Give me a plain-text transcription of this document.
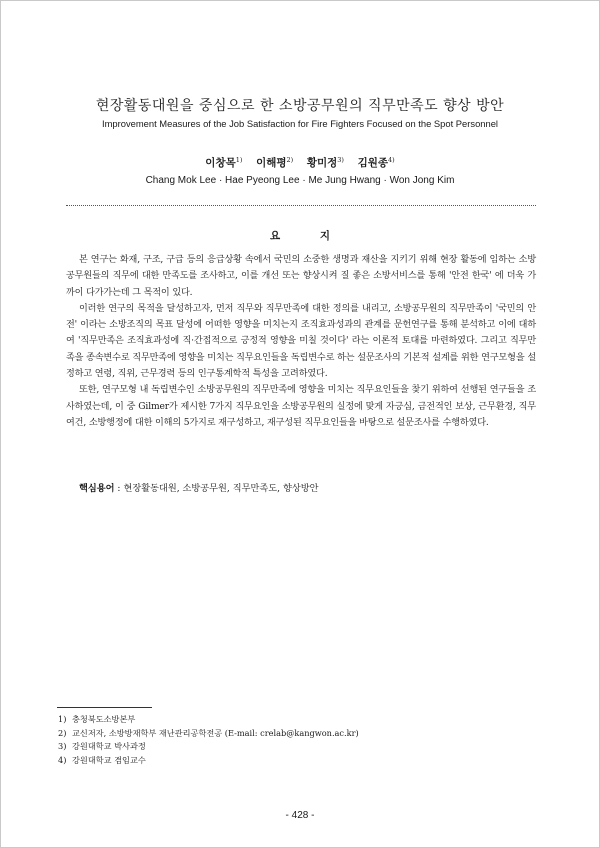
현장활동대원을 중심으로 한 소방공무원의 직무만족도 향상 방안
Improvement Measures of the Job Satisfaction for Fire Fighters Focused on the Spot Personnel
이창목$^{1)}$ 이해평$^{2)}$ 황미정$^{3)}$ 김원종$^{4)}$
Chang Mok Lee · Hae Pyeong Lee · Me Jung Hwang · Won Jong Kim
요 지

본 연구는 화재, 구조, 구급 등의 응급상황 속에서 국민의 소중한 생명과 재산을 지키기 위해 현장 활동에 임하는 소방공무원들의 직무에 대한 만족도를 조사하고, 이를 개선 또는 향상시켜 질 좋은 소방서비스를 통해 '안전 한국' 에 더욱 가까이 다가가는데 그 목적이 있다.

이러한 연구의 목적을 달성하고자, 먼저 직무와 직무만족에 대한 정의를 내리고, 소방공무원의 직무만족이 '국민의 안전' 이라는 소방조직의 목표 달성에 어떠한 영향을 미치는지 조직효과성과의 관계를 문헌연구를 통해 분석하고 이에 대하여 '직무만족은 조직효과성에 직·간접적으로 긍정적 영향을 미칠 것이다' 라는 이론적 토대를 마련하였다. 그리고 직무만족을 종속변수로 직무만족에 영향을 미치는 직무요인들을 독립변수로 하는 설문조사의 기본적 설계를 위한 연구모형을 설정하고 연령, 직위, 근무경력 등의 인구통계학적 특성을 고려하였다.

또한, 연구모형 내 독립변수인 소방공무원의 직무만족에 영향을 미치는 직무요인들을 찾기 위하여 선행된 연구들을 조사하였는데, 이 중 Gilmer가 제시한 7가지 직무요인을 소방공무원의 실정에 맞게 자긍심, 금전적인 보상, 근무환경, 직무여건, 소방행정에 대한 이해의 5가지로 재구성하고, 재구성된 직무요인들을 바탕으로 설문조사를 수행하였다.

핵심용어 : 현장활동대원, 소방공무원, 직무만족도, 향상방안
1) 충청북도소방본부
2) 교신저자, 소방방재학부 재난관리공학전공 (E-mail: crelab@kangwon.ac.kr)
3) 강원대학교 박사과정
4) 강원대학교 겸임교수
- 428 -
